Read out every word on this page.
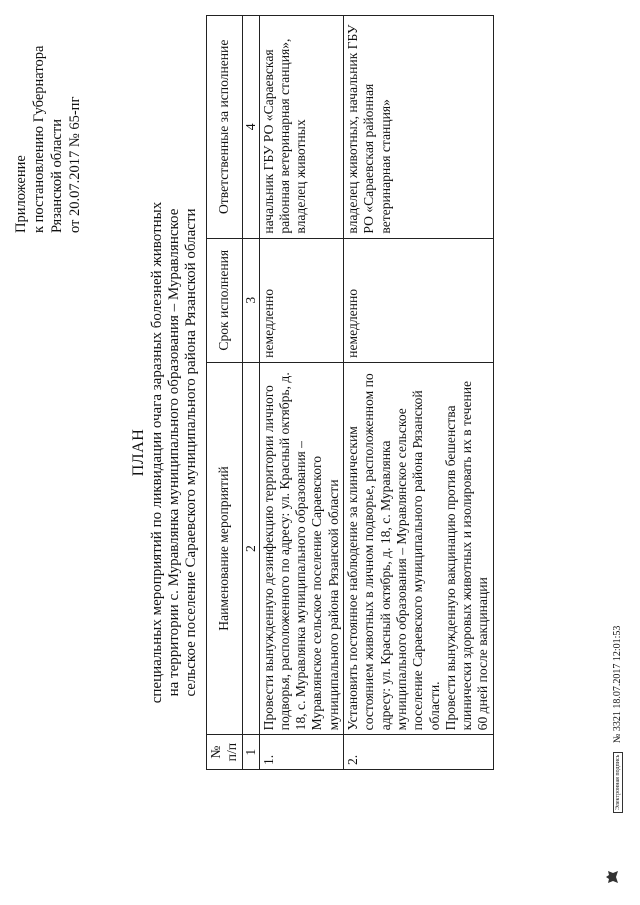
Приложение к постановлению Губернатора Рязанской области от 20.07.2017 № 65-пг
ПЛАН специальных мероприятий по ликвидации очага заразных болезней животных на территории с. Муравлянка муниципального образования – Муравлянское сельское поселение Сараевского муниципального района Рязанской области
№ п/п	Наименование мероприятий	Срок исполнения	Ответственные за исполнение
1	2	3	4
1.	Провести вынужденную дезинфекцию территории личного подворья, расположенного по адресу: ул. Красный октябрь, д. 18, с. Муравлянка муниципального образования – Муравлянское сельское поселение Сараевского муниципального района Рязанской области	немедленно	начальник ГБУ РО «Сараевская районная ветеринарная станция», владелец животных
2.	Установить постоянное наблюдение за клиническим состоянием животных в личном подворье, расположенном по адресу: ул. Красный октябрь, д. 18, с. Муравлянка муниципального образования – Муравлянское сельское поселение Сараевского муниципального района Рязанской области. Провести вынужденную вакцинацию против бешенства клинически здоровых животных и изолировать их в течение 60 дней после вакцинации	немедленно	владелец животных, начальник ГБУ РО «Сараевская районная ветеринарная станция»
Электронная подпись № 3321 18.07.2017 12:01:53
